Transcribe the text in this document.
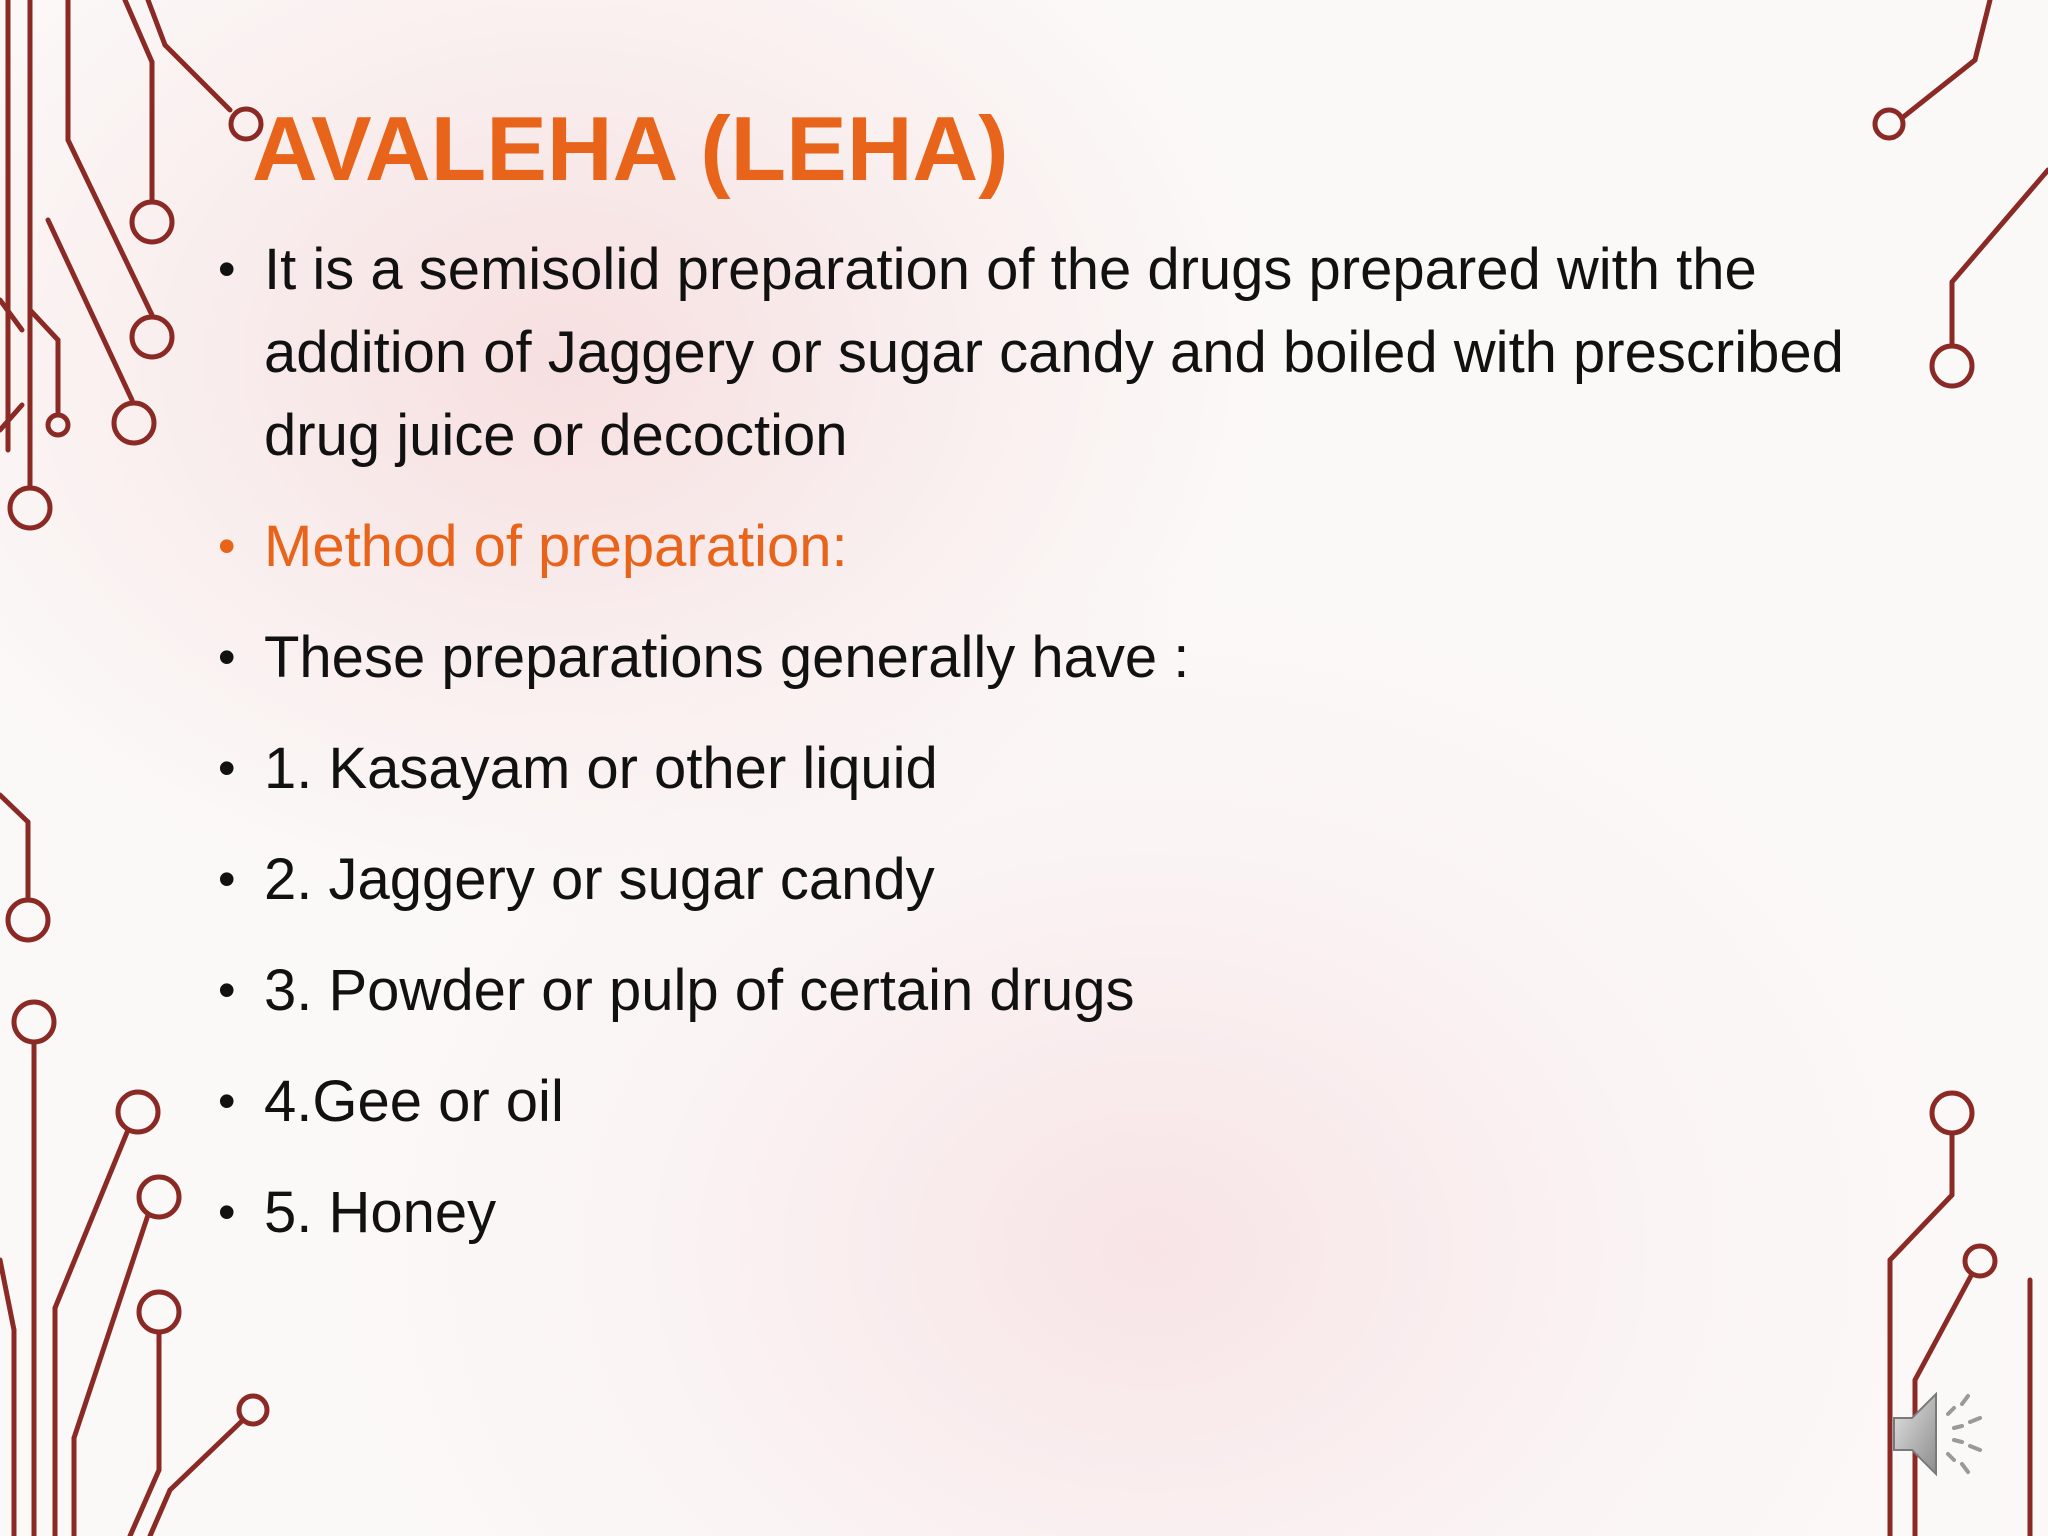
AVALEHA (LEHA)
• It is a semisolid preparation of the drugs prepared with the addition of Jaggery or sugar candy and boiled with prescribed drug juice or decoction
• Method of preparation:
• These preparations generally have :
• 1. Kasayam or other liquid
• 2. Jaggery or sugar candy
• 3. Powder or pulp of certain drugs
• 4.Gee or oil
• 5. Honey
